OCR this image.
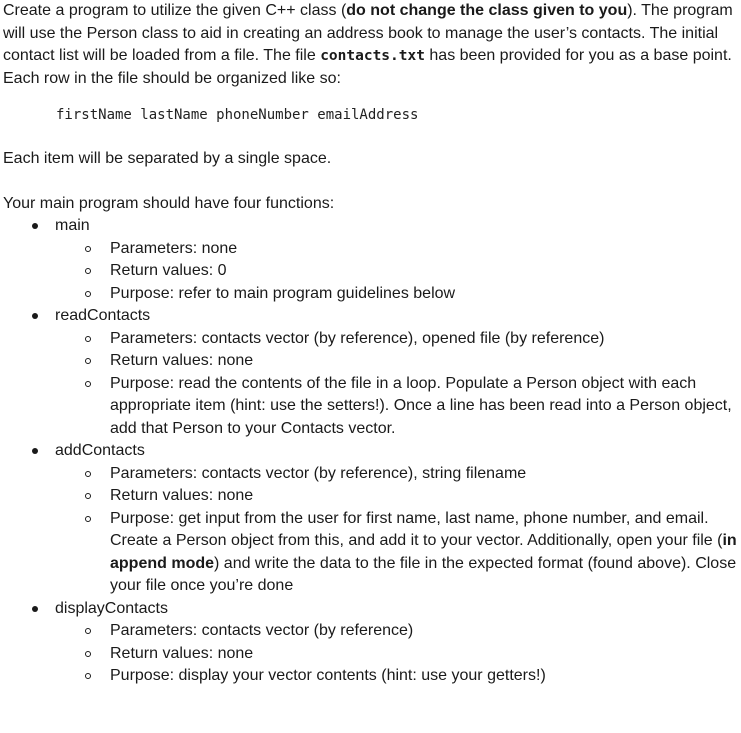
Create a program to utilize the given C++ class (do not change the class given to you). The program will use the Person class to aid in creating an address book to manage the user’s contacts. The initial contact list will be loaded from a file. The file contacts.txt has been provided for you as a base point. Each row in the file should be organized like so:

firstName lastName phoneNumber emailAddress

Each item will be separated by a single space.

Your main program should have four functions:

main
Parameters: none
Return values: 0
Purpose: refer to main program guidelines below
readContacts
Parameters: contacts vector (by reference), opened file (by reference)
Return values: none
Purpose: read the contents of the file in a loop. Populate a Person object with each appropriate item (hint: use the setters!). Once a line has been read into a Person object, add that Person to your Contacts vector.
addContacts
Parameters: contacts vector (by reference), string filename
Return values: none
Purpose: get input from the user for first name, last name, phone number, and email. Create a Person object from this, and add it to your vector. Additionally, open your file (in append mode) and write the data to the file in the expected format (found above). Close your file once you’re done
displayContacts
Parameters: contacts vector (by reference)
Return values: none
Purpose: display your vector contents (hint: use your getters!)
